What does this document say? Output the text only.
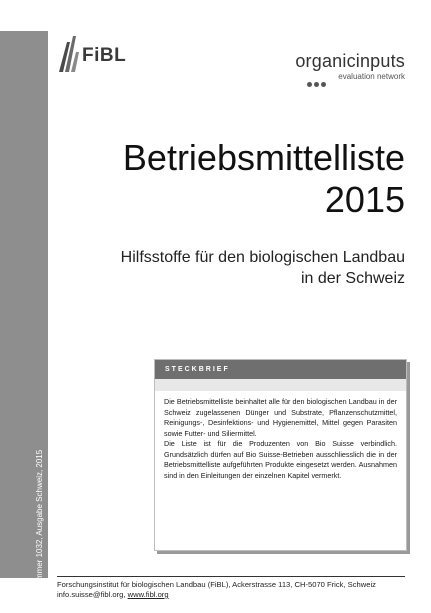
Bestellnummer 1032, Ausgabe Schweiz, 2015
FiBL	organicinputs
evaluation network
Betriebsmittelliste
2015
Hilfsstoffe für den biologischen Landbau
in der Schweiz
STECKBRIEF

Die Betriebsmittelliste beinhaltet alle für den biologischen Landbau in der Schweiz zugelassenen Dünger und Substrate, Pflanzenschutzmittel, Reinigungs-, Desinfektions- und Hygienemittel, Mittel gegen Parasiten sowie Futter- und Siliermittel.

Die Liste ist für die Produzenten von Bio Suisse verbindlich. Grundsätzlich dürfen auf Bio Suisse-Betrieben ausschliesslich die in der Betriebsmittelliste aufgeführten Produkte eingesetzt werden. Ausnahmen sind in den Einleitungen der einzelnen Kapitel vermerkt.

Forschungsinstitut für biologischen Landbau (FiBL), Ackerstrasse 113, CH-5070 Frick, Schweiz
info.suisse@fibl.org, www.fibl.org
